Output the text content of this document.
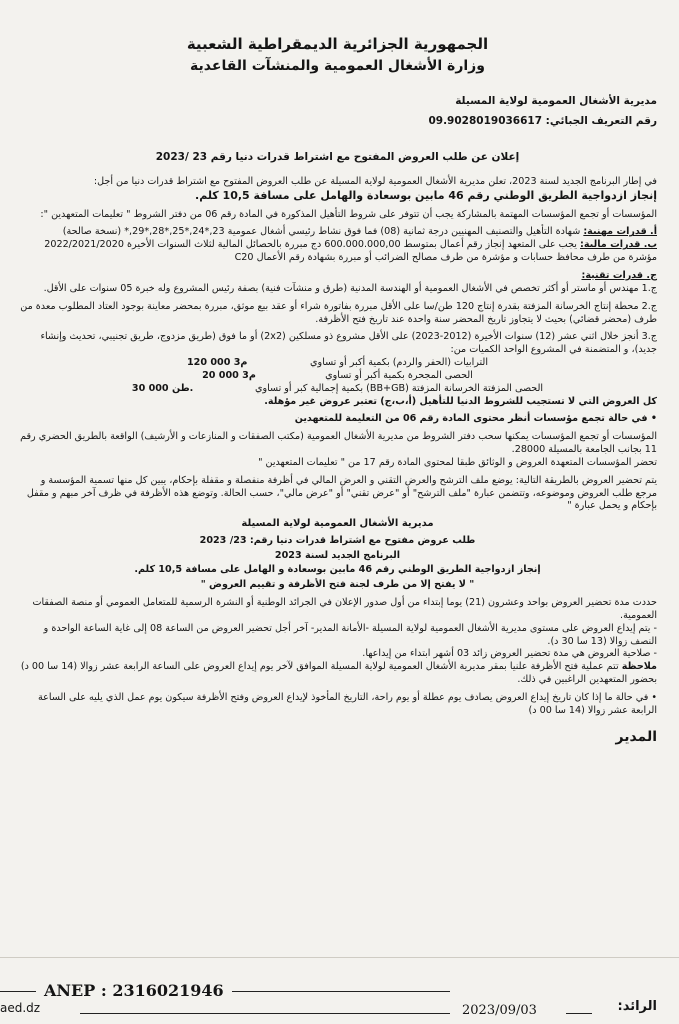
الجمهورية الجزائرية الديمقراطية الشعبية

وزارة الأشغال العمومية والمنشآت القاعدية

مديرية الأشغال العمومية لولاية المسيلة

رقم التعريف الجبائي: 09.9028019036617

إعلان عن طلب العروض المفتوح مع اشتراط قدرات دنيا رقم 23 /2023

في إطار البرنامج الجديد لسنة 2023، تعلن مديرية الأشغال العمومية لولاية المسيلة عن طلب العروض المفتوح مع اشتراط قدرات دنيا من أجل:

إنجاز ازدواجية الطريق الوطني رقم 46 مابين بوسعادة والهامل على مسافة 10,5 كلم.

المؤسسات أو تجمع المؤسسات المهتمة بالمشاركة يجب أن تتوفر على شروط التأهيل المذكورة في المادة رقم 06 من دفتر الشروط " تعليمات المتعهدين ":

أ. قدرات مهنية: شهادة التأهيل والتصنيف المهنيين درجة ثمانية (08) فما فوق نشاط رئيسي أشغال عمومية 23,*24,*25,*28,*29,* (نسخة صالحة)

ب. قدرات مالية: يجب على المتعهد إنجاز رقم أعمال بمتوسط 600.000.000,00 دج مبررة بالحصائل المالية لثلاث السنوات الأخيرة 2022/2021/2020 مؤشرة من طرف محافظ حسابات و مؤشرة من طرف مصالح الضرائب أو مبررة بشهادة رقم الأعمال C20

ج. قدرات تقنية:

ج.1 مهندس أو ماستر أو أكثر تخصص في الأشغال العمومية أو الهندسة المدنية (طرق و منشآت فنية) بصفة رئيس المشروع وله خبرة 05 سنوات على الأقل.

ج.2 محطة إنتاج الخرسانة المزفتة بقدرة إنتاج 120 طن/سا على الأقل مبررة بفاتورة شراء أو عقد بيع موثق، مبررة بمحضر معاينة بوجود العتاد المطلوب معدة من طرف (محضر قضائي) بحيث لا يتجاوز تاريخ المحضر سنة واحدة عند تاريخ فتح الأظرفة.

ج.3 أنجز خلال اثني عشر (12) سنوات الأخيرة (2012-2023) على الأقل مشروع ذو مسلكين (2x2) أو ما فوق (طريق مزدوج، طريق تجنيبي، تحديث وإنشاء جديد)، و المتضمنة في المشروع الواحد الكميات من:

الترابيات (الحفر والردم) بكمية أكبر أو تساوي 120 000 م3

الحصى المجحرة بكمية أكبر أو تساوي 20 000 م3

الحصى المزفتة الخرسانة المزفتة (BB+GB) بكمية إجمالية كبر أو تساوي 30 000 طن.

كل العروض التي لا تستجيب للشروط الدنيا للتأهيل (أ،ب،ج) تعتبر عروض غير مؤهلة.

• في حالة تجمع مؤسسات أنظر محتوى المادة رقم 06 من التعليمة للمتعهدين

المؤسسات أو تجمع المؤسسات يمكنها سحب دفتر الشروط من مديرية الأشغال العمومية (مكتب الصفقات و المنازعات و الأرشيف) الواقعة بالطريق الحضري رقم 11 بجانب الجامعة بالمسيلة 28000.

تحضر المؤسسات المتعهدة العروض و الوثائق طبقا لمحتوى المادة رقم 17 من " تعليمات المتعهدين "

يتم تحضير العروض بالطريقة التالية: يوضع ملف الترشح والعرض التقني و العرض المالي في أظرفة منفصلة و مقفلة بإحكام، يبين كل منها تسمية المؤسسة و مرجع طلب العروض وموضوعه، وتتضمن عبارة "ملف الترشح" أو "عرض تقني" أو "عرض مالي"، حسب الحالة. وتوضع هذه الأظرفة في ظرف آخر مبهم و مقفل بإحكام و يحمل عبارة "

مديرية الأشغال العمومية لولاية المسيلة

طلب عروض مفتوح مع اشتراط قدرات دنيا رقم: 23/ 2023

البرنامج الجديد لسنة 2023

إنجاز ازدواجية الطريق الوطني رقم 46 مابين بوسعادة و الهامل على مسافة 10,5 كلم.

" لا يفتح إلا من طرف لجنة فتح الأظرفة و تقييم العروض "

حددت مدة تحضير العروض بواحد وعشرون (21) يوما إبتداء من أول صدور الإعلان في الجرائد الوطنية أو النشرة الرسمية للمتعامل العمومي أو منصة الصفقات العمومية.

- يتم إيداع العروض على مستوى مديرية الأشغال العمومية لولاية المسيلة -الأمانة المدير- آخر أجل تحضير العروض من الساعة 08 إلى غاية الساعة الواحدة و النصف زوالا (13 سا 30 د).

- صلاحية العروض هي مدة تحضير العروض زائد 03 أشهر ابتداء من إيداعها.

ملاحظة تتم عملية فتح الأظرفة علنيا بمقر مديرية الأشغال العمومية لولاية المسيلة الموافق لآخر يوم إيداع العروض على الساعة الرابعة عشر زوالا (14 سا 00 د) بحضور المتعهدين الراغبين في ذلك.

• في حالة ما إذا كان تاريخ إيداع العروض يصادف يوم عطلة أو يوم راحة، التاريخ المأخوذ لإيداع العروض وفتح الأظرفة سيكون يوم عمل الذي يليه على الساعة الرابعة عشر زوالا (14 سا 00 د)

المدير

ANEP : 2316021946
2023/09/03	الرائد:
aed.dz
